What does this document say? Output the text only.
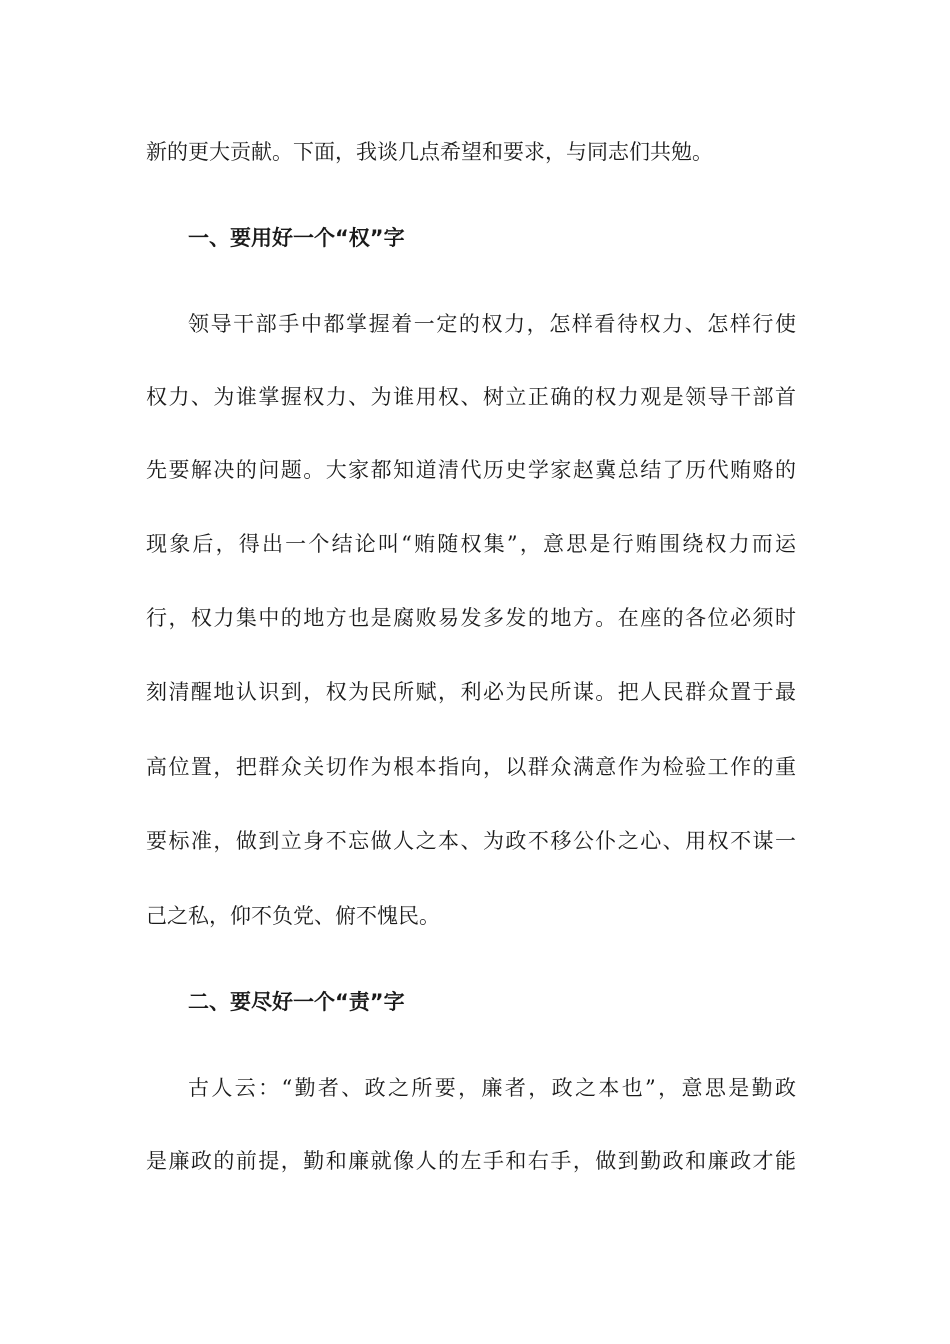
新的更大贡献。下面，我谈几点希望和要求，与同志们共勉。
一、要用好一个“权”字
领导干部手中都掌握着一定的权力，怎样看待权力、怎样行使
权力、为谁掌握权力、为谁用权、树立正确的权力观是领导干部首
先要解决的问题。大家都知道清代历史学家赵冀总结了历代贿赂的
现象后，得出一个结论叫“贿随权集”，意思是行贿围绕权力而运
行，权力集中的地方也是腐败易发多发的地方。在座的各位必须时
刻清醒地认识到，权为民所赋，利必为民所谋。把人民群众置于最
高位置，把群众关切作为根本指向，以群众满意作为检验工作的重
要标准，做到立身不忘做人之本、为政不移公仆之心、用权不谋一
己之私，仰不负党、俯不愧民。
二、要尽好一个“责”字
古人云：“勤者、政之所要，廉者，政之本也”，意思是勤政
是廉政的前提，勤和廉就像人的左手和右手，做到勤政和廉政才能
